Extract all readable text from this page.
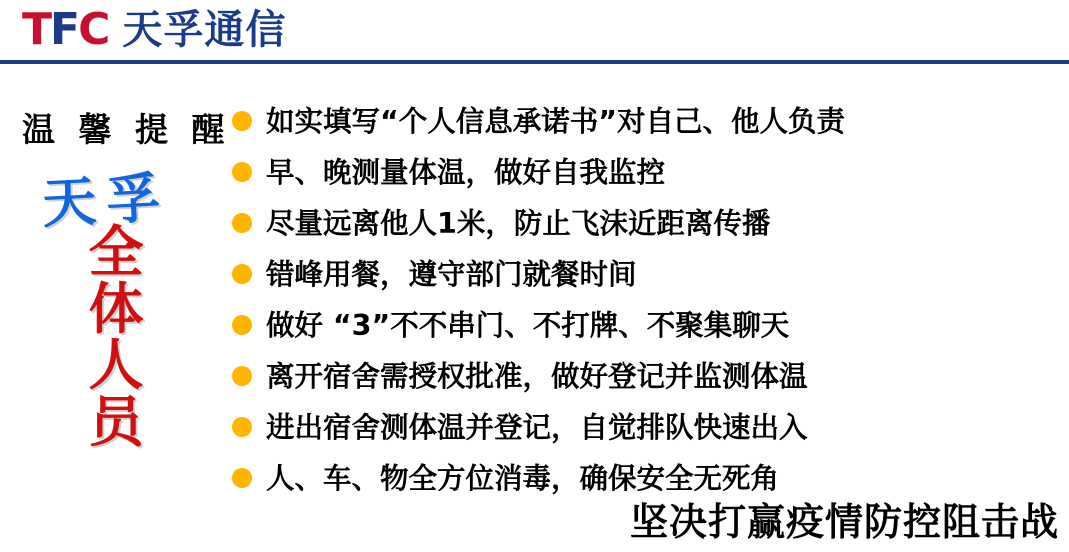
T F C 天孚通信
温 馨 提 醒
天孚
全
体
人
员
如实填写“个人信息承诺书”对自己、他人负责
早、晚测量体温，做好自我监控
尽量远离他人1米，防止飞沫近距离传播
错峰用餐，遵守部门就餐时间
做好 “3”不不串门、不打牌、不聚集聊天
离开宿舍需授权批准，做好登记并监测体温
进出宿舍测体温并登记，自觉排队快速出入
人、车、物全方位消毒，确保安全无死角
坚决打赢疫情防控阻击战
